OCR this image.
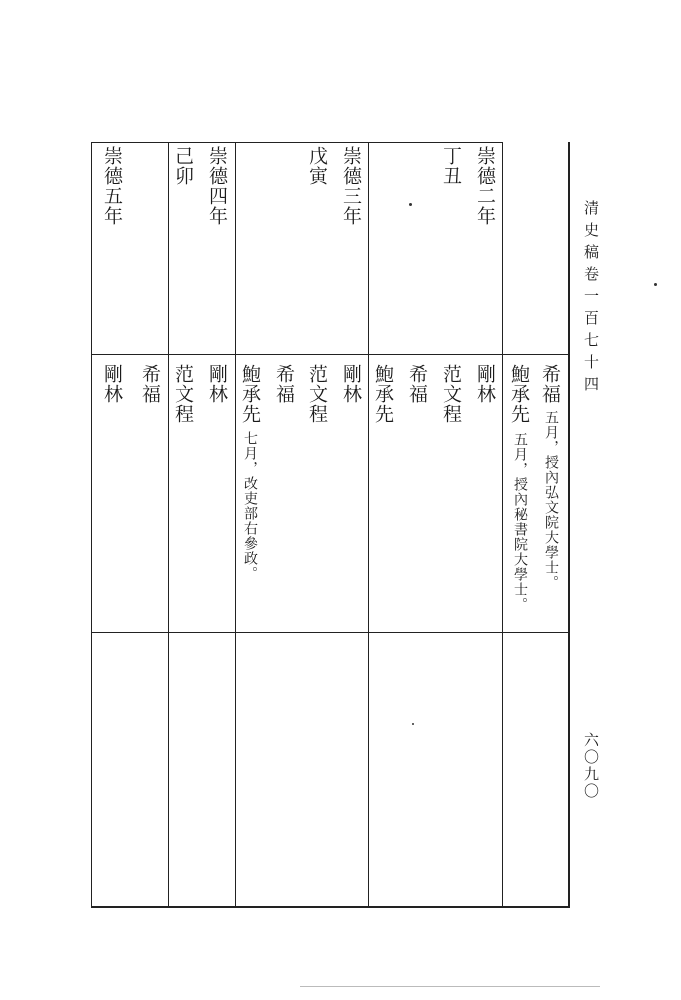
清史稿卷一百七十四
六〇九〇
希福
五月，授內弘文院大學士。
鮑承先
五月，授內秘書院大學士。
崇德二年
丁丑
剛林
范文程
希福
鮑承先
崇德三年
戊寅
剛林
范文程
希福
鮑承先
七月，改吏部右參政。
崇德四年
己卯
剛林
范文程
希福
崇德五年
剛林
